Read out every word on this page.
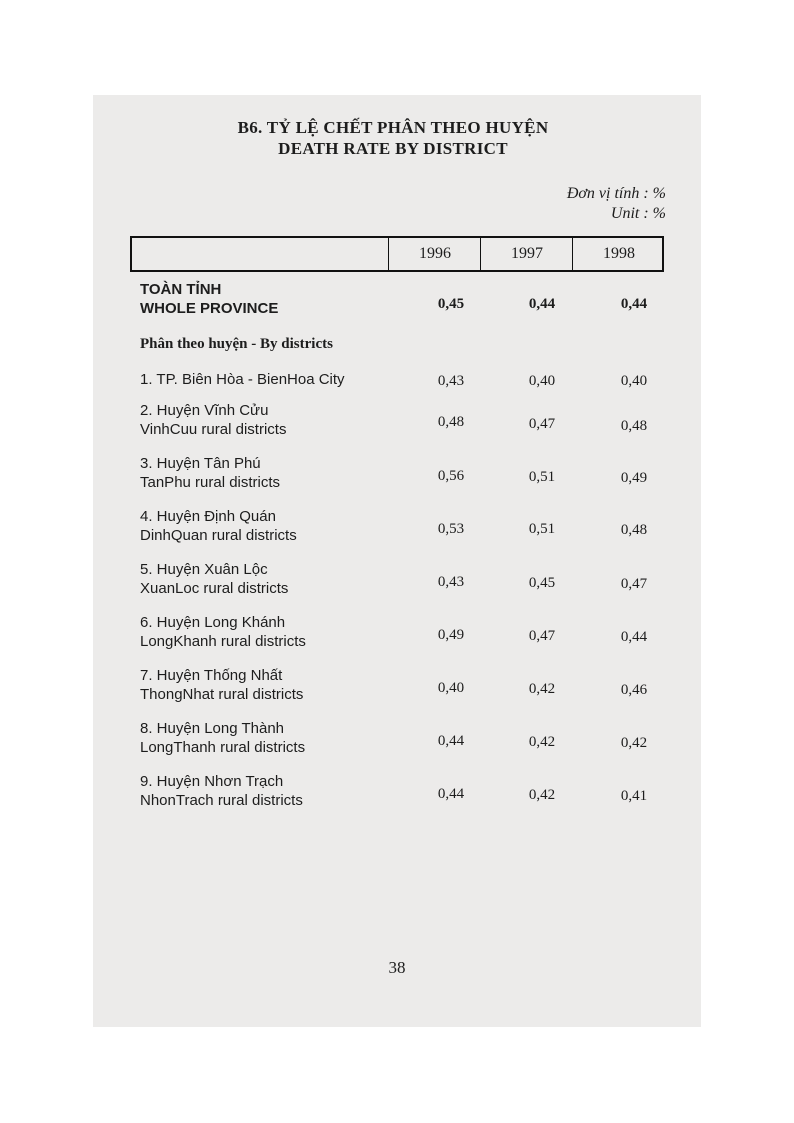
B6. TỶ LỆ CHẾT PHÂN THEO HUYỆN
DEATH RATE BY DISTRICT
Đơn vị tính : %
Unit : %
1996	1997	1998
TOÀN TỈNH
WHOLE PROVINCE	0,45	0,44	0,44
Phân theo huyện - By districts
1. TP. Biên Hòa - BienHoa City	0,43	0,40	0,40
2. Huyện Vĩnh Cửu
VinhCuu rural districts	0,48	0,47	0,48
3. Huyện Tân Phú
TanPhu rural districts	0,56	0,51	0,49
4. Huyện Định Quán
DinhQuan rural districts	0,53	0,51	0,48
5. Huyện Xuân Lộc
XuanLoc rural districts	0,43	0,45	0,47
6. Huyện Long Khánh
LongKhanh rural districts	0,49	0,47	0,44
7. Huyện Thống Nhất
ThongNhat rural districts	0,40	0,42	0,46
8. Huyện Long Thành
LongThanh rural districts	0,44	0,42	0,42
9. Huyện Nhơn Trạch
NhonTrach rural districts	0,44	0,42	0,41
38
